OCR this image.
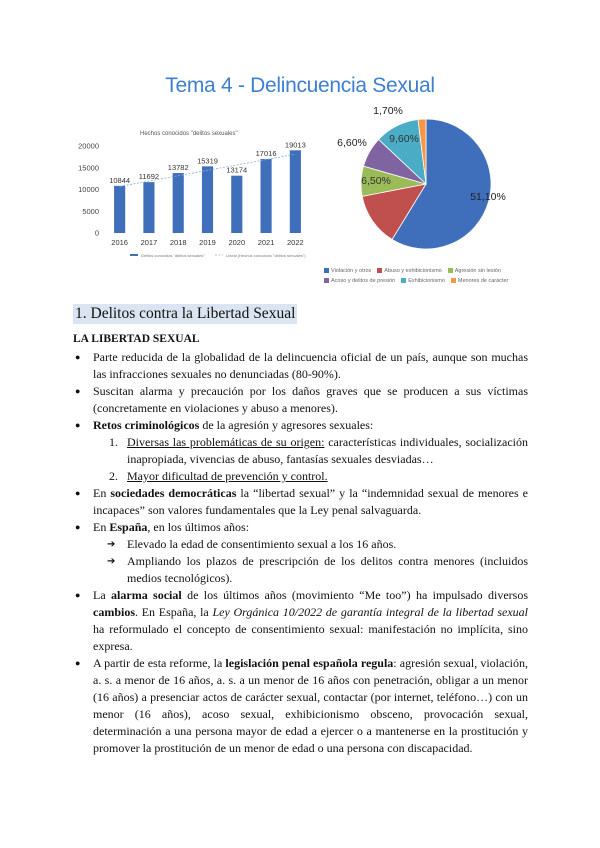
Tema 4 - Delincuencia Sexual
Hechos conocidos "delitos sexuales"
0
5000
10000
15000
20000
10844
2016
11692
2017
13782
2018
15319
2019
13174
2020
17016
2021
19013
2022
Delitos conocidos "delitos sexuales"	Lineal (Hechos conocidos "delitos sexuales")
51,10%
11,50%
6,50%
6,60% 9,60%
1,70%
Violación y otros Abuso y exhibicionismo Agresión sin lesiónAcoso y delitos de presión Exhibicionismo Menores de carácter
1. Delitos contra la Libertad Sexual
LA LIBERTAD SEXUAL
● Parte reducida de la globalidad de la delincuencia oficial de un país, aunque son muchas las infracciones sexuales no denunciadas (80-90%).
● Suscitan alarma y precaución por los daños graves que se producen a sus víctimas (concretamente en violaciones y abuso a menores).
● Retos criminológicos de la agresión y agresores sexuales:
1. Diversas las problemáticas de su origen: características individuales, socialización inapropiada, vivencias de abuso, fantasías sexuales desviadas…
2. Mayor dificultad de prevención y control.
● En sociedades democráticas la “libertad sexual” y la “indemnidad sexual de menores e incapaces” son valores fundamentales que la Ley penal salvaguarda.
● En España, en los últimos años:
➔ Elevado la edad de consentimiento sexual a los 16 años.
➔ Ampliando los plazos de prescripción de los delitos contra menores (incluidos medios tecnológicos).
● La alarma social de los últimos años (movimiento “Me too”) ha impulsado diversos cambios. En España, la Ley Orgánica 10/2022 de garantía integral de la libertad sexual ha reformulado el concepto de consentimiento sexual: manifestación no implícita, sino expresa.
● A partir de esta reforme, la legislación penal española regula: agresión sexual, violación, a. s. a menor de 16 años, a. s. a un menor de 16 años con penetración, obligar a un menor (16 años) a presenciar actos de carácter sexual, contactar (por internet, teléfono…) con un menor (16 años), acoso sexual, exhibicionismo obsceno, provocación sexual, determinación a una persona mayor de edad a ejercer o a mantenerse en la prostitución y promover la prostitución de un menor de edad o una persona con discapacidad.
